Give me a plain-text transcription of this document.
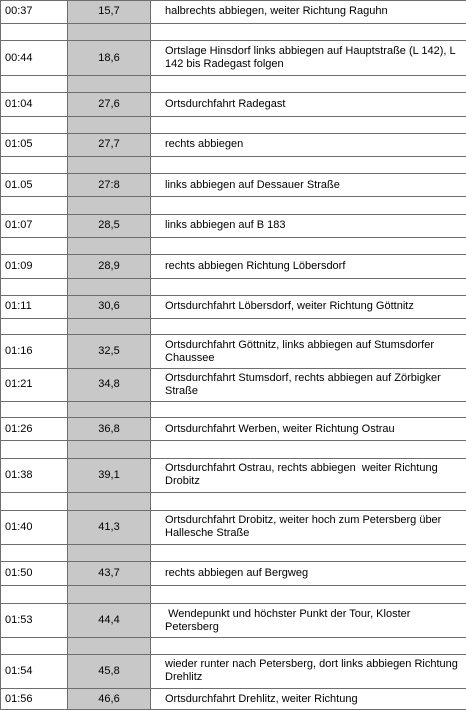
00:37	15,7	halbrechts abbiegen, weiter Richtung Raguhn

00:44	18,6	Ortslage Hinsdorf links abbiegen auf Hauptstraße (L 142), L 142 bis Radegast folgen

01:04	27,6	Ortsdurchfahrt Radegast

01:05	27,7	rechts abbiegen

01.05	27:8	links abbiegen auf Dessauer Straße

01:07	28,5	links abbiegen auf B 183

01:09	28,9	rechts abbiegen Richtung Löbersdorf

01:11	30,6	Ortsdurchfahrt Löbersdorf, weiter Richtung Göttnitz

01:16	32,5	Ortsdurchfahrt Göttnitz, links abbiegen auf Stumsdorfer Chaussee
01:21	34,8	Ortsdurchfahrt Stumsdorf, rechts abbiegen auf Zörbigker Straße

01:26	36,8	Ortsdurchfahrt Werben, weiter Richtung Ostrau

01:38	39,1	Ortsdurchfahrt Ostrau, rechts abbiegen  weiter Richtung Drobitz

01:40	41,3	Ortsdurchfahrt Drobitz, weiter hoch zum Petersberg über Hallesche Straße

01:50	43,7	rechts abbiegen auf Bergweg

01:53	44,4	Wendepunkt und höchster Punkt der Tour, Kloster Petersberg

01:54	45,8	wieder runter nach Petersberg, dort links abbiegen Richtung Drehlitz
01:56	46,6	Ortsdurchfahrt Drehlitz, weiter Richtung
